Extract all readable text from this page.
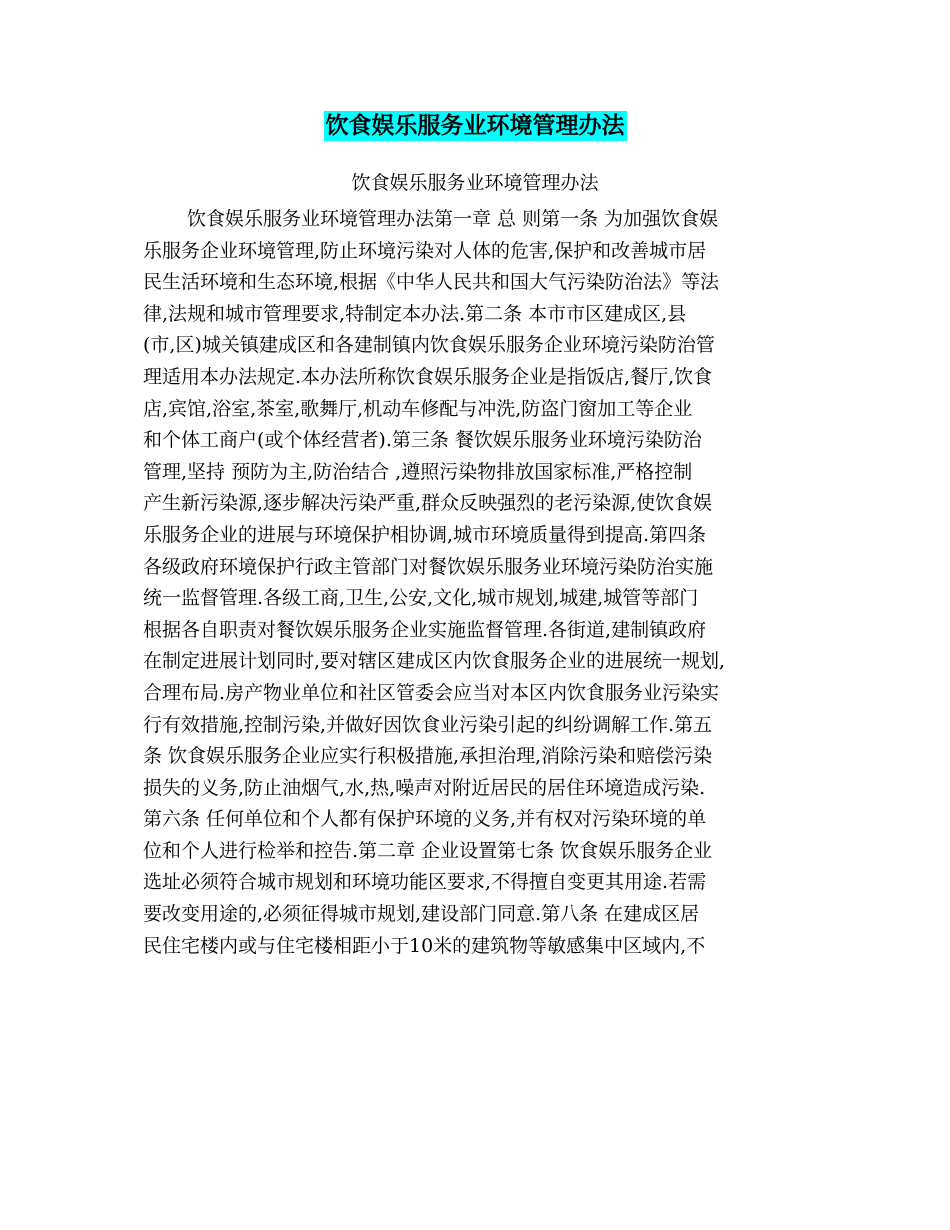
饮食娱乐服务业环境管理办法
饮食娱乐服务业环境管理办法
饮食娱乐服务业环境管理办法第一章 总 则第一条 为加强饮食娱
乐服务企业环境管理,防止环境污染对人体的危害,保护和改善城市居
民生活环境和生态环境,根据《中华人民共和国大气污染防治法》等法
律,法规和城市管理要求,特制定本办法.第二条 本市市区建成区,县
(市,区)城关镇建成区和各建制镇内饮食娱乐服务企业环境污染防治管
理适用本办法规定.本办法所称饮食娱乐服务企业是指饭店,餐厅,饮食
店,宾馆,浴室,茶室,歌舞厅,机动车修配与冲洗,防盗门窗加工等企业
和个体工商户(或个体经营者).第三条 餐饮娱乐服务业环境污染防治
管理,坚持 预防为主,防治结合 ,遵照污染物排放国家标准,严格控制
产生新污染源,逐步解决污染严重,群众反映强烈的老污染源,使饮食娱
乐服务企业的进展与环境保护相协调,城市环境质量得到提高.第四条
各级政府环境保护行政主管部门对餐饮娱乐服务业环境污染防治实施
统一监督管理.各级工商,卫生,公安,文化,城市规划,城建,城管等部门
根据各自职责对餐饮娱乐服务企业实施监督管理.各街道,建制镇政府
在制定进展计划同时,要对辖区建成区内饮食服务企业的进展统一规划,
合理布局.房产物业单位和社区管委会应当对本区内饮食服务业污染实
行有效措施,控制污染,并做好因饮食业污染引起的纠纷调解工作.第五
条 饮食娱乐服务企业应实行积极措施,承担治理,消除污染和赔偿污染
损失的义务,防止油烟气,水,热,噪声对附近居民的居住环境造成污染.
第六条 任何单位和个人都有保护环境的义务,并有权对污染环境的单
位和个人进行检举和控告.第二章 企业设置第七条 饮食娱乐服务企业
选址必须符合城市规划和环境功能区要求,不得擅自变更其用途.若需
要改变用途的,必须征得城市规划,建设部门同意.第八条 在建成区居
民住宅楼内或与住宅楼相距小于10米的建筑物等敏感集中区域内,不
